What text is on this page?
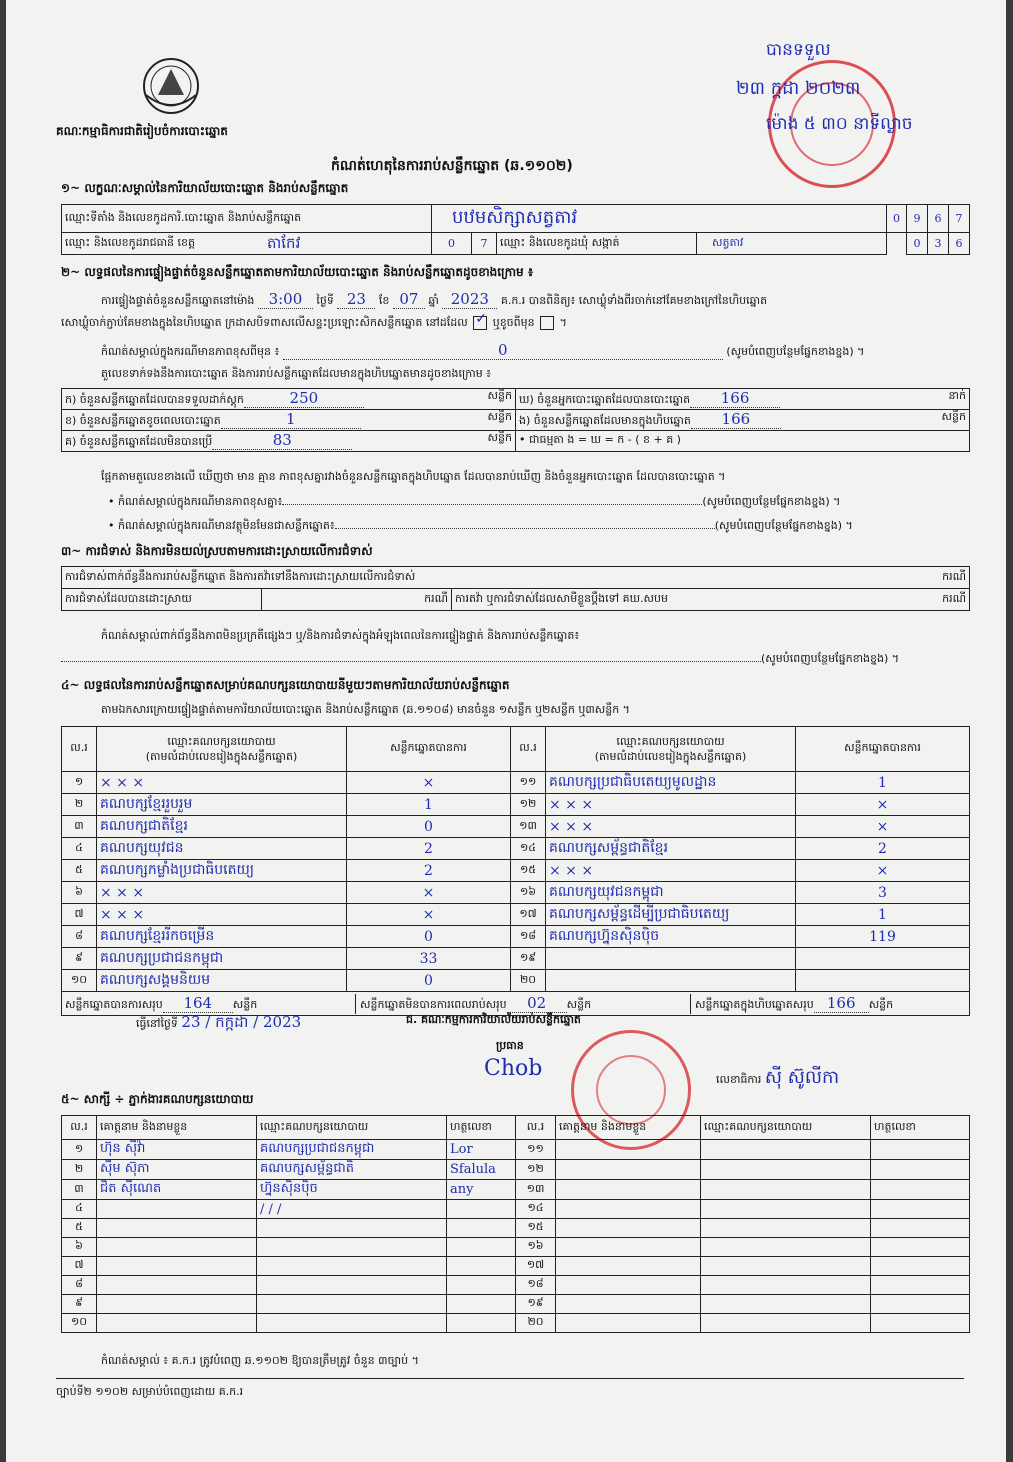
គណៈកម្មាធិការជាតិរៀបចំការបោះឆ្នោត
កំណត់ហេតុនៃការរាប់សន្លឹកឆ្នោត (ឆ.១១០២)
បានទទួល
២៣ ក្កដា ២០២៣
ម៉ោង ៥ ៣០ នាទីល្ងាច
១~ លក្ខណៈសម្គាល់នៃការិយាល័យបោះឆ្នោត និងរាប់សន្លឹកឆ្នោត
ឈ្មោះទីតាំង និងលេខកូដការិ.បោះឆ្នោត និងរាប់សន្លឹកឆ្នោត	បឋមសិក្សាសត្វតាវ				0	9	6	7
ឈ្មោះ និងលេខកូដរាជធានី ខេត្ត តាកែវ	0	7	ឈ្មោះ និងលេខកូដឃុំ សង្កាត់	សត្វតាវ		0	3	6
២~ លទ្ធផលនៃការផ្ទៀងផ្ទាត់ចំនួនសន្លឹកឆ្នោតតាមការិយាល័យបោះឆ្នោត និងរាប់សន្លឹកឆ្នោតដូចខាងក្រោម ៖
ការផ្ទៀងផ្ទាត់ចំនួនសន្លឹកឆ្នោតនៅម៉ោង 3:00 ថ្ងៃទី 23 ខែ 07 ឆ្នាំ 2023 គ.ក.រ បានពិនិត្យ៖ សោឃ្លុំទាំងពីរចាក់នៅគែមខាងក្រៅនៃហិបឆ្នោត
សោឃ្លុំចាក់ភ្ជាប់គែមខាងក្នុងនៃហិបឆ្នោត ក្រដាសបិទពាសលើសន្ទះប្រឡោះសិកសន្លឹកឆ្នោត នៅដដែល ✓ ឬខូចពីមុន  ។
កំណត់សម្គាល់ក្នុងករណីមានភាពខុសពីមុន ៖	0	(សូមបំពេញបន្ថែមផ្នែកខាងខ្នង) ។
តួលេខទាក់ទងនឹងការបោះឆ្នោត និងការរាប់សន្លឹកឆ្នោតដែលមានក្នុងហិបឆ្នោតមានដូចខាងក្រោម ៖
ក) ចំនួនសន្លឹកឆ្នោតដែលបានទទួលដាក់ស្តុក 250 សន្លឹក	ឃ) ចំនួនអ្នកបោះឆ្នោតដែលបានបោះឆ្នោត 166 នាក់

ខ) ចំនួនសន្លឹកឆ្នោតខូចពេលបោះឆ្នោត 1 សន្លឹក	ង) ចំនួនសន្លឹកឆ្នោតដែលមានក្នុងហិបឆ្នោត 166 សន្លឹក

គ) ចំនួនសន្លឹកឆ្នោតដែលមិនបានប្រើ 83 សន្លឹក	• ជាធម្មតា ង = ឃ = ក - ( ខ + គ )
ផ្អែកតាមតួលេខខាងលើ ឃើញថា មាន គ្មាន ភាពខុសគ្នារវាងចំនួនសន្លឹកឆ្នោតក្នុងហិបឆ្នោត ដែលបានរាប់ឃើញ និងចំនួនអ្នកបោះឆ្នោត ដែលបានបោះឆ្នោត ។
• កំណត់សម្គាល់ក្នុងករណីមានភាពខុសគ្នា៖	(សូមបំពេញបន្ថែមផ្នែកខាងខ្នង) ។
• កំណត់សម្គាល់ក្នុងករណីមានវត្ថុមិនមែនជាសន្លឹកឆ្នោត៖	(សូមបំពេញបន្ថែមផ្នែកខាងខ្នង) ។
៣~ ការជំទាស់ និងការមិនយល់ស្របតាមការដោះស្រាយលើការជំទាស់
ការជំទាស់ពាក់ព័ន្ធនឹងការរាប់សន្លឹកឆ្នោត និងការតវ៉ាទៅនឹងការដោះស្រាយលើការជំទាស់	ករណី

ការជំទាស់ដែលបានដោះស្រាយ	ករណី	ការតវ៉ា ឬការជំទាស់ដែលសាមីខ្លួនប្តឹងទៅ គឃ.សបម	ករណី
កំណត់សម្គាល់ពាក់ព័ន្ធនឹងភាពមិនប្រក្រតីផ្សេងៗ ឬ/និងការជំទាស់ក្នុងអំឡុងពេលនៃការផ្ទៀងផ្ទាត់ និងការរាប់សន្លឹកឆ្នោត៖
(សូមបំពេញបន្ថែមផ្នែកខាងខ្នង) ។
៤~ លទ្ធផលនៃការរាប់សន្លឹកឆ្នោតសម្រាប់គណបក្សនយោបាយនីមួយៗតាមការិយាល័យរាប់សន្លឹកឆ្នោត
តាមឯកសារក្រោយផ្ទៀងផ្ទាត់តាមការិយាល័យបោះឆ្នោត និងរាប់សន្លឹកឆ្នោត (ឆ.១១០៨) មានចំនួន ១សន្លឹក ឬ២សន្លឹក ឬ៣សន្លឹក ។
ល.រ	ឈ្មោះគណបក្សនយោបាយ
(តាមលំដាប់លេខរៀងក្នុងសន្លឹកឆ្នោត)	សន្លឹកឆ្នោតបានការ	ល.រ	ឈ្មោះគណបក្សនយោបាយ
(តាមលំដាប់លេខរៀងក្នុងសន្លឹកឆ្នោត)	សន្លឹកឆ្នោតបានការ
១	× × ×	×	១១	គណបក្សប្រជាធិបតេយ្យមូលដ្ឋាន	1
២	គណបក្សខ្មែររួបរួម	1	១២	× × ×	×
៣	គណបក្សជាតិខ្មែរ	0	១៣	× × ×	×
៤	គណបក្សយុវជន	2	១៤	គណបក្សសម្ព័ន្ធជាតិខ្មែរ	2
៥	គណបក្សកម្លាំងប្រជាធិបតេយ្យ	2	១៥	× × ×	×
៦	× × ×	×	១៦	គណបក្សយុវជនកម្ពុជា	3
៧	× × ×	×	១៧	គណបក្សសម្ព័ន្ធដើម្បីប្រជាធិបតេយ្យ	1
៨	គណបក្សខ្មែររីកចម្រើន	0	១៨	គណបក្សហ្វ៊ុនស៊ិនប៉ិច	119
៩	គណបក្សប្រជាជនកម្ពុជា	33	១៩		
១០	គណបក្សសង្គមនិយម	0	២០		
សន្លឹកឆ្នោតបានការសរុប 164 សន្លឹក សន្លឹកឆ្នោតមិនបានការពេលរាប់សរុប 02 សន្លឹក សន្លឹកឆ្នោតក្នុងហិបឆ្នោតសរុប 166 សន្លឹក					
ធ្វើនៅថ្ងៃទី 23 / កក្កដា / 2023	ជ. គណៈកម្មការការិយាល័យរាប់សន្លឹកឆ្នោត
ប្រធាន
Chob	លេខាធិការ ស៊ី ស៊ូលីកា
៥~ សាក្សី ÷ ភ្នាក់ងារគណបក្សនយោបាយ
ល.រ	គោត្តនាម និងនាមខ្លួន	ឈ្មោះគណបក្សនយោបាយ	ហត្ថលេខា	ល.រ	គោត្តនាម និងនាមខ្លួន	ឈ្មោះគណបក្សនយោបាយ	ហត្ថលេខា
១	ហ៊ុន ស៊ីវ៉ា	គណបក្សប្រជាជនកម្ពុជា	Lor	១១			
២	ស៊ឹម ស៊ុភា	គណបក្សសម្ព័ន្ធជាតិ	Sfalula	១២			
៣	ជិត ស៊ីណេត	ហ្វ៊ុនស៊ិនប៉ិច	any	១៣			
៤		/ / /		១៤			
៥				១៥			
៦				១៦			
៧				១៧			
៨				១៨			
៩				១៩			
១០				២០			
កំណត់សម្គាល់ ៖ គ.ក.រ ត្រូវបំពេញ ឆ.១១០២ ឱ្យបានត្រឹមត្រូវ ចំនួន ៣ច្បាប់ ។
ច្បាប់ទី២ ១១០២ សម្រាប់បំពេញដោយ គ.ក.រ
